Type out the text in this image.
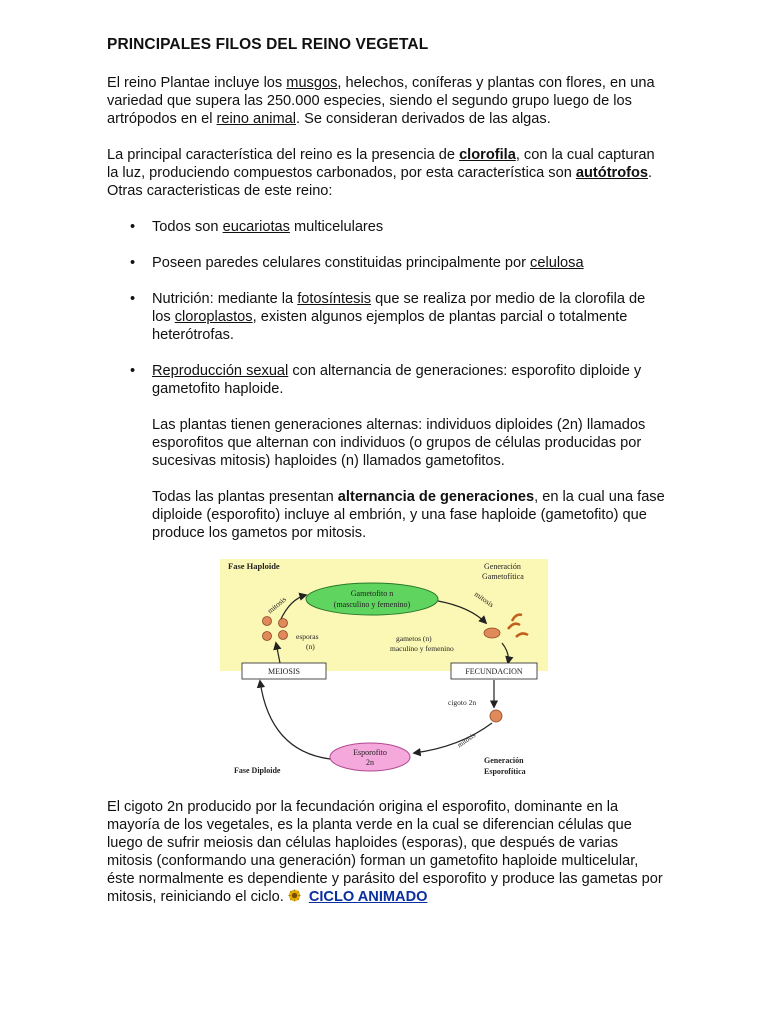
PRINCIPALES FILOS DEL REINO VEGETAL

El reino Plantae incluye los musgos, helechos, coníferas y plantas con flores, en una variedad que supera las 250.000 especies, siendo el segundo grupo luego de los artrópodos en el reino animal. Se consideran derivados de las algas.

La principal característica del reino es la presencia de clorofila, con la cual capturan la luz, produciendo compuestos carbonados, por esta característica son autótrofos. Otras caracteristicas de este reino:

• Todos son eucariotas multicelulares
• Poseen paredes celulares constituidas principalmente por celulosa
• Nutrición: mediante la fotosíntesis que se realiza por medio de la clorofila de los cloroplastos, existen algunos ejemplos de plantas parcial o totalmente heterótrofas.
• Reproducción sexual con alternancia de generaciones: esporofito diploide y gametofito haploide.

Las plantas tienen generaciones alternas: individuos diploides (2n) llamados esporofitos que alternan con individuos (o grupos de células producidas por sucesivas mitosis) haploides (n) llamados gametofitos.

Todas las plantas presentan alternancia de generaciones, en la cual una fase diploide (esporofito) incluye al embrión, y una fase haploide (gametofito) que produce los gametos por mitosis.

Fase Haploide	Generación
Gametofítica
Gametofito n
(masculino y femenino)
mitosis	mitosis
esporas
(n)
gametos (n)
maculino y femenino
MEIOSIS	FECUNDACION
cigoto 2n
Esporofito
2n
mitosis
Fase Diploide
Generación
Esporofítica

El cigoto 2n producido por la fecundación origina el esporofito, dominante en la mayoría de los vegetales, es la planta verde en la cual se diferencian células que luego de sufrir meiosis dan células haploides (esporas), que después de varias mitosis (conformando una generación) forman un gametofito haploide multicelular, éste normalmente es dependiente y parásito del esporofito y produce las gametas por mitosis, reiniciando el ciclo. CICLO ANIMADO
